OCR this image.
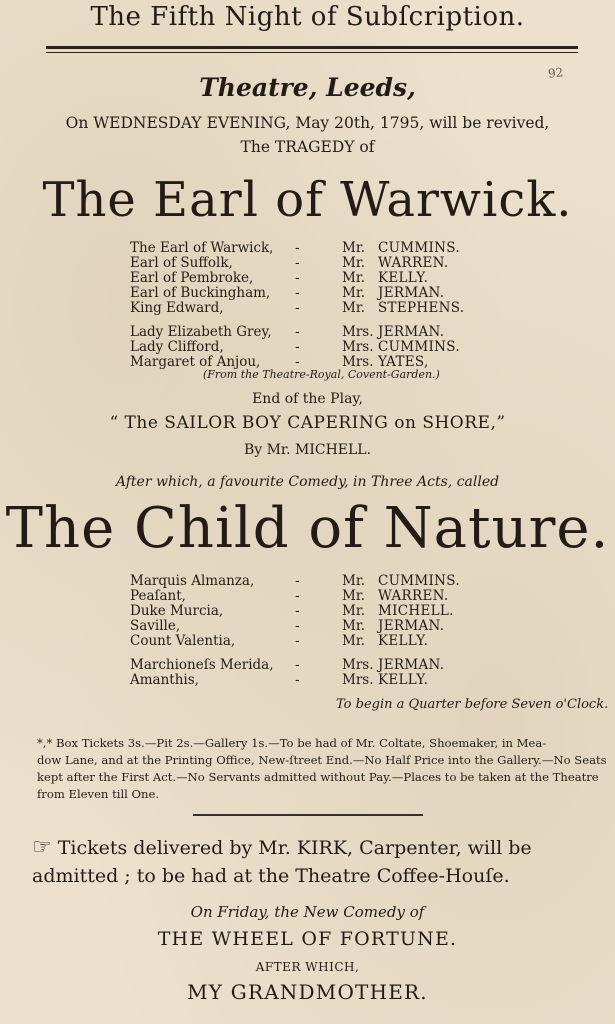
The Fifth Night of Subſcription.
92
Theatre, Leeds,
On WEDNESDAY EVENING, May 20th, 1795, will be revived,
The TRAGEDY of
The Earl of Warwick.
The Earl of Warwick, -	Mr. CUMMINS.
Earl of Suffolk,	-	Mr. WARREN.
Earl of Pembroke,	-	Mr. KELLY.
Earl of Buckingham, -	Mr. JERMAN.
King Edward,	-	Mr. STEPHENS.
Lady Elizabeth Grey, -	Mrs. JERMAN.
Lady Clifford,	-	Mrs. CUMMINS.
Margaret of Anjou,	-	Mrs. YATES,
(From the Theatre-Royal, Covent-Garden.)
End of the Play,
“ The SAILOR BOY CAPERING on SHORE,”
By Mr. MICHELL.
After which, a favourite Comedy, in Three Acts, called
The Child of Nature.
Marquis Almanza,	-	Mr. CUMMINS.
Peaſant,	-	Mr. WARREN.
Duke Murcia,	-	Mr. MICHELL.
Saville,	-	Mr. JERMAN.
Count Valentia,	-	Mr. KELLY.
Marchioneſs Merida, -	Mrs. JERMAN.
Amanthis,	-	Mrs. KELLY.
To begin a Quarter before Seven o'Clock.
*,* Box Tickets 3s.—Pit 2s.—Gallery 1s.—To be had of Mr. Coltate, Shoemaker, in Mea-
dow Lane, and at the Printing Office, New-ſtreet End.—No Half Price into the Gallery.—No Seats
kept after the First Act.—No Servants admitted without Pay.—Places to be taken at the Theatre
from Eleven till One.
☞ Tickets delivered by Mr. KIRK, Carpenter, will be
admitted ; to be had at the Theatre Coffee-Houſe.
On Friday, the New Comedy of
THE WHEEL OF FORTUNE.
AFTER WHICH,
MY GRANDMOTHER.
